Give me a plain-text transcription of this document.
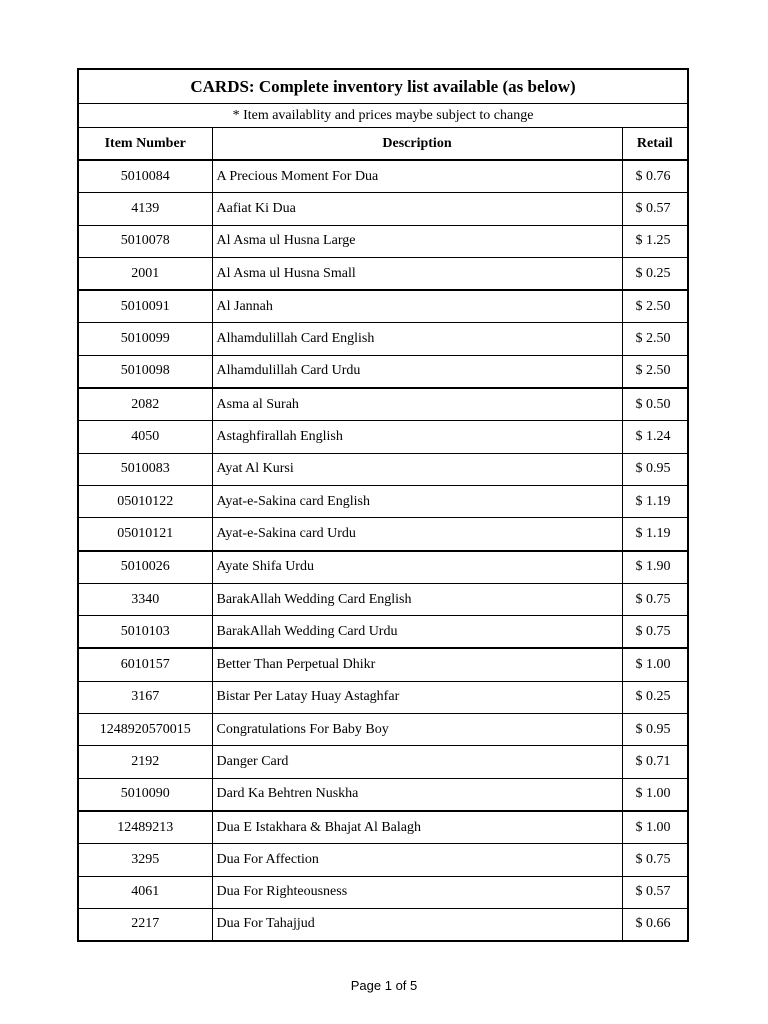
CARDS: Complete inventory list available (as below)		
* Item availablity and prices maybe subject to change		
Item Number	Description	Retail
5010084	A Precious Moment For Dua	$ 0.76
4139	Aafiat Ki Dua	$ 0.57
5010078	Al Asma ul Husna Large	$ 1.25
2001	Al Asma ul Husna Small	$ 0.25
5010091	Al Jannah	$ 2.50
5010099	Alhamdulillah Card English	$ 2.50
5010098	Alhamdulillah Card Urdu	$ 2.50
2082	Asma al Surah	$ 0.50
4050	Astaghfirallah English	$ 1.24
5010083	Ayat Al Kursi	$ 0.95
05010122	Ayat-e-Sakina card English	$ 1.19
05010121	Ayat-e-Sakina card Urdu	$ 1.19
5010026	Ayate Shifa Urdu	$ 1.90
3340	BarakAllah Wedding Card English	$ 0.75
5010103	BarakAllah Wedding Card Urdu	$ 0.75
6010157	Better Than Perpetual Dhikr	$ 1.00
3167	Bistar Per Latay Huay Astaghfar	$ 0.25
1248920570015	Congratulations For Baby Boy	$ 0.95
2192	Danger Card	$ 0.71
5010090	Dard Ka Behtren Nuskha	$ 1.00
12489213	Dua E Istakhara & Bhajat Al Balagh	$ 1.00
3295	Dua For Affection	$ 0.75
4061	Dua For Righteousness	$ 0.57
2217	Dua For Tahajjud	$ 0.66
Page 1 of 5
